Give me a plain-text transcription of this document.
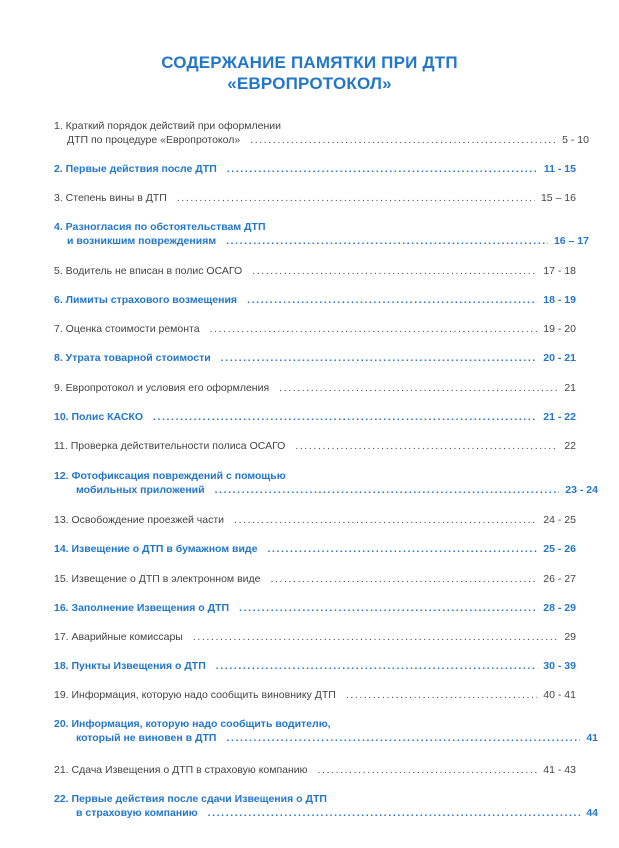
СОДЕРЖАНИЕ ПАМЯТКИ ПРИ ДТП
«ЕВРОПРОТОКОЛ»
1. Краткий порядок действий при оформлении
ДТП по процедуре «Европротокол» .....	5 - 10
2. Первые действия после ДТП .....	11 - 15
3. Степень вины в ДТП .....	15 – 16
4. Разногласия по обстоятельствам ДТП
и возникшим повреждениям .....	16 – 17
5. Водитель не вписан в полис ОСАГО .....	17 - 18
6. Лимиты страхового возмещения .....	18 - 19
7. Оценка стоимости ремонта .....	19 - 20
8. Утрата товарной стоимости .....	20 - 21
9. Европротокол и условия его оформления .....	21
10. Полис КАСКО .....	21 - 22
11. Проверка действительности полиса ОСАГО .....	22
12. Фотофиксация повреждений с помощью
мобильных приложений .....	23 - 24
13. Освобождение проезжей части .....	24 - 25
14. Извещение о ДТП в бумажном виде .....	25 - 26
15. Извещение о ДТП в электронном виде .....	26 - 27
16. Заполнение Извещения о ДТП .....	28 - 29
17. Аварийные комиссары .....	29
18. Пункты Извещения о ДТП .....	30 - 39
19. Информация, которую надо сообщить виновнику ДТП .....	40 - 41
20. Информация, которую надо сообщить водителю,
который не виновен в ДТП .....	41
21. Сдача Извещения о ДТП в страховую компанию .....	41 - 43
22. Первые действия после сдачи Извещения о ДТП
в страховую компанию .....	44
